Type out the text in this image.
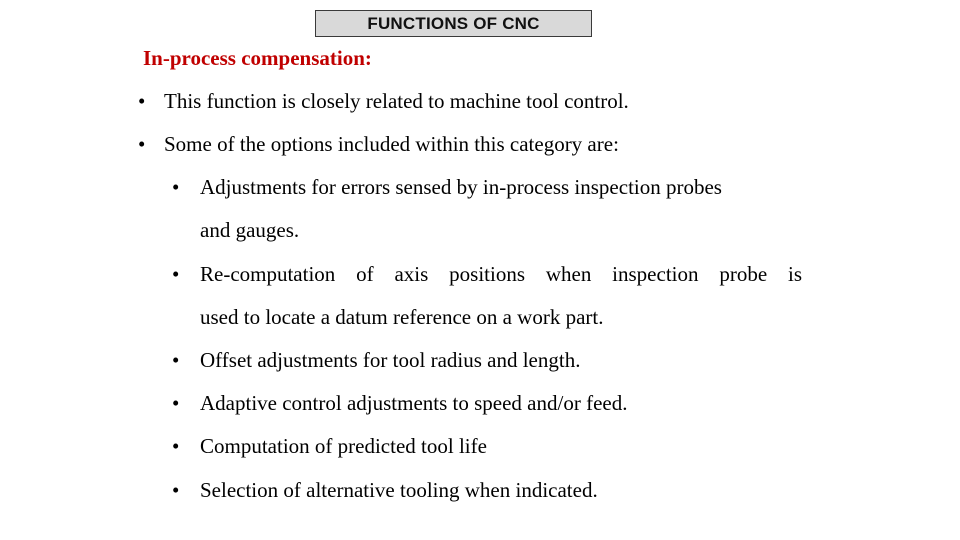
FUNCTIONS OF CNC
In-process compensation:
• This function is closely related to machine tool control.
• Some of the options included within this category are:
• Adjustments for errors sensed by in-process inspection probes
and gauges.
• Re-computation of axis positions when inspection probe is
used to locate a datum reference on a work part.
• Offset adjustments for tool radius and length.
• Adaptive control adjustments to speed and/or feed.
• Computation of predicted tool life
• Selection of alternative tooling when indicated.
